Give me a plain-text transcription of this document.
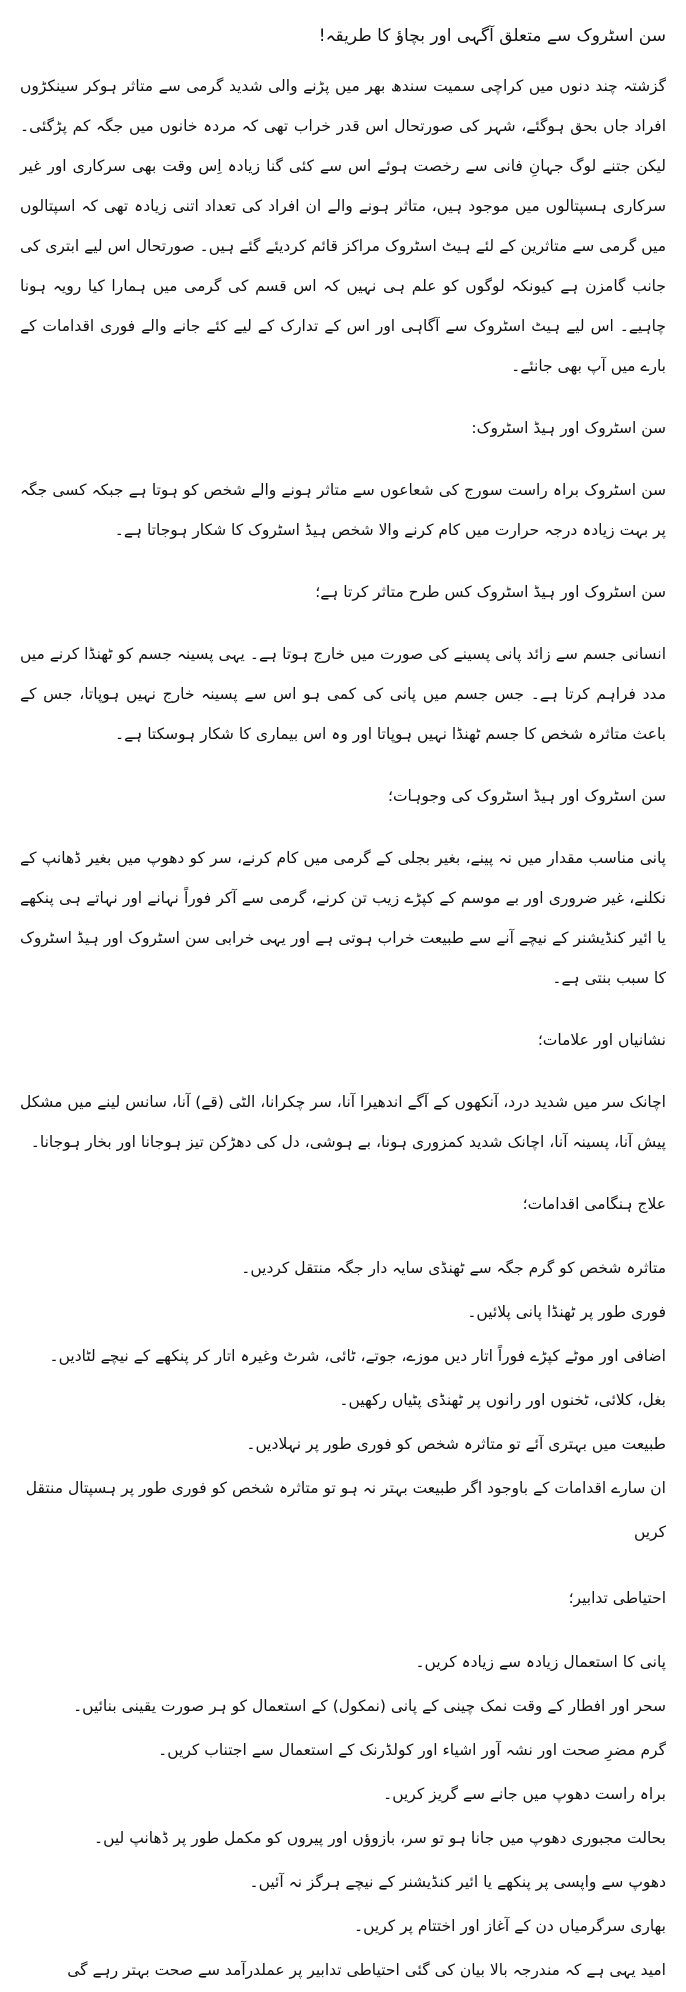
سن اسٹروک سے متعلق آگہی اور بچاؤ کا طریقہ!
گزشتہ چند دنوں میں کراچی سمیت سندھ بھر میں پڑنے والی شدید گرمی سے متاثر ہوکر سینکڑوں افراد جاں بحق ہوگئے، شہر کی صورتحال اس قدر خراب تھی کہ مردہ خانوں میں جگہ کم پڑگئی۔ لیکن جتنے لوگ جہانِ فانی سے رخصت ہوئے اس سے کئی گنا زیادہ اِس وقت بھی سرکاری اور غیر سرکاری ہسپتالوں میں موجود ہیں، متاثر ہونے والے ان افراد کی تعداد اتنی زیادہ تھی کہ اسپتالوں میں گرمی سے متاثرین کے لئے ہیٹ اسٹروک مراکز قائم کردیئے گئے ہیں۔ صورتحال اس لیے ابتری کی جانب گامزن ہے کیونکہ لوگوں کو علم ہی نہیں کہ اس قسم کی گرمی میں ہمارا کیا رویہ ہونا چاہیے۔ اس لیے ہیٹ اسٹروک سے آگاہی اور اس کے تدارک کے لیے کئے جانے والے فوری اقدامات کے بارے میں آپ بھی جانئے۔
سن اسٹروک اور ہیڈ اسٹروک:
سن اسٹروک براہ راست سورج کی شعاعوں سے متاثر ہونے والے شخص کو ہوتا ہے جبکہ کسی جگہ پر بہت زیادہ درجہ حرارت میں کام کرنے والا شخص ہیڈ اسٹروک کا شکار ہوجاتا ہے۔
سن اسٹروک اور ہیڈ اسٹروک کس طرح متاثر کرتا ہے؛
انسانی جسم سے زائد پانی پسینے کی صورت میں خارج ہوتا ہے۔ یہی پسینہ جسم کو ٹھنڈا کرنے میں مدد فراہم کرتا ہے۔ جس جسم میں پانی کی کمی ہو اس سے پسینہ خارج نہیں ہوپاتا، جس کے باعث متاثرہ شخص کا جسم ٹھنڈا نہیں ہوپاتا اور وہ اس بیماری کا شکار ہوسکتا ہے۔
سن اسٹروک اور ہیڈ اسٹروک کی وجوہات؛
پانی مناسب مقدار میں نہ پینے، بغیر بجلی کے گرمی میں کام کرنے، سر کو دھوپ میں بغیر ڈھانپ کے نکلنے، غیر ضروری اور بے موسم کے کپڑے زیب تن کرنے، گرمی سے آکر فوراً نہانے اور نہاتے ہی پنکھے یا ائیر کنڈیشنر کے نیچے آنے سے طبیعت خراب ہوتی ہے اور یہی خرابی سن اسٹروک اور ہیڈ اسٹروک کا سبب بنتی ہے۔
نشانیاں اور علامات؛
اچانک سر میں شدید درد، آنکھوں کے آگے اندھیرا آنا، سر چکرانا، الٹی (قے) آنا، سانس لینے میں مشکل پیش آنا، پسینہ آنا، اچانک شدید کمزوری ہونا، بے ہوشی، دل کی دھڑکن تیز ہوجانا اور بخار ہوجانا۔
علاج ہنگامی اقدامات؛
متاثرہ شخص کو گرم جگہ سے ٹھنڈی سایہ دار جگہ منتقل کردیں۔
فوری طور پر ٹھنڈا پانی پلائیں۔
اضافی اور موٹے کپڑے فوراً اتار دیں موزے، جوتے، ٹائی، شرٹ وغیرہ اتار کر پنکھے کے نیچے لٹادیں۔
بغل، کلائی، ٹخنوں اور رانوں پر ٹھنڈی پٹیاں رکھیں۔
طبیعت میں بہتری آئے تو متاثرہ شخص کو فوری طور پر نہلادیں۔
ان سارے اقدامات کے باوجود اگر طبیعت بہتر نہ ہو تو متاثرہ شخص کو فوری طور پر ہسپتال منتقل کریں
احتیاطی تدابیر؛
پانی کا استعمال زیادہ سے زیادہ کریں۔
سحر اور افطار کے وقت نمک چینی کے پانی (نمکول) کے استعمال کو ہر صورت یقینی بنائیں۔
گرم مضرِ صحت اور نشہ آور اشیاء اور کولڈرنک کے استعمال سے اجتناب کریں۔
براہ راست دھوپ میں جانے سے گریز کریں۔
بحالت مجبوری دھوپ میں جانا ہو تو سر، بازوؤں اور پیروں کو مکمل طور پر ڈھانپ لیں۔
دھوپ سے واپسی پر پنکھے یا ائیر کنڈیشنر کے نیچے ہرگز نہ آئیں۔
بھاری سرگرمیاں دن کے آغاز اور اختتام پر کریں۔
امید یہی ہے کہ مندرجہ بالا بیان کی گئی احتیاطی تدابیر پر عملدرآمد سے صحت بہتر رہے گی
